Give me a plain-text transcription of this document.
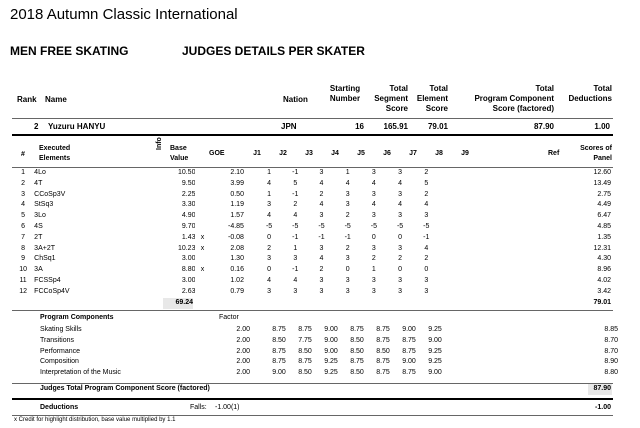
2018 Autumn Classic International
MEN FREE SKATING	JUDGES DETAILS PER SKATER
Rank Name	Nation
Starting
Number
Total
Segment
Score
Total
Element
Score
Total
Program Component
Score (factored)
Total
Deductions
2 Yuzuru HANYU	JPN	16	165.91	79.01	87.90	1.00
#
Executed
Elements
Info Base
Value
GOE	J1	J2	J3	J4	J5	J6	J7	J8	J9	Ref
Scores of
Panel
1	4Lo		10.50		2.10	1	-1	3	1	3	3	2				12.60
2	4T		9.50		3.99	4	5	4	4	4	4	5				13.49
3	CCoSp3V		2.25		0.50	1	-1	2	3	3	3	2				2.75
4	StSq3		3.30		1.19	3	2	4	3	4	4	4				4.49
5	3Lo		4.90		1.57	4	4	3	2	3	3	3				6.47
6	4S		9.70		-4.85	-5	-5	-5	-5	-5	-5	-5				4.85
7	2T		1.43	x	-0.08	0	-1	-1	-1	0	0	-1				1.35
8	3A+2T		10.23	x	2.08	2	1	3	2	3	3	4				12.31
9	ChSq1		3.00		1.30	3	3	4	3	2	2	2				4.30
10	3A		8.80	x	0.16	0	-1	2	0	1	0	0				8.96
11	FCSSp4		3.00		1.02	4	4	3	3	3	3	3				4.02
12	FCCoSp4V		2.63		0.79	3	3	3	3	3	3	3				3.42
69.24	79.01
Program Components	Factor
	Skating Skills	2.00		8.75	8.75	9.00	8.75	8.75	9.00	9.25				8.85
	Transitions	2.00		8.50	7.75	9.00	8.50	8.75	8.75	9.00				8.70
	Performance	2.00		8.75	8.50	9.00	8.50	8.50	8.75	9.25				8.70
	Composition	2.00		8.75	8.75	9.25	8.75	8.75	9.00	9.25				8.90
	Interpretation of the Music	2.00		9.00	8.50	9.25	8.50	8.75	8.75	9.00				8.80
Judges Total Program Component Score (factored)	87.90
Deductions	Falls: -1.00(1)	-1.00
x Credit for highlight distribution, base value multiplied by 1.1
